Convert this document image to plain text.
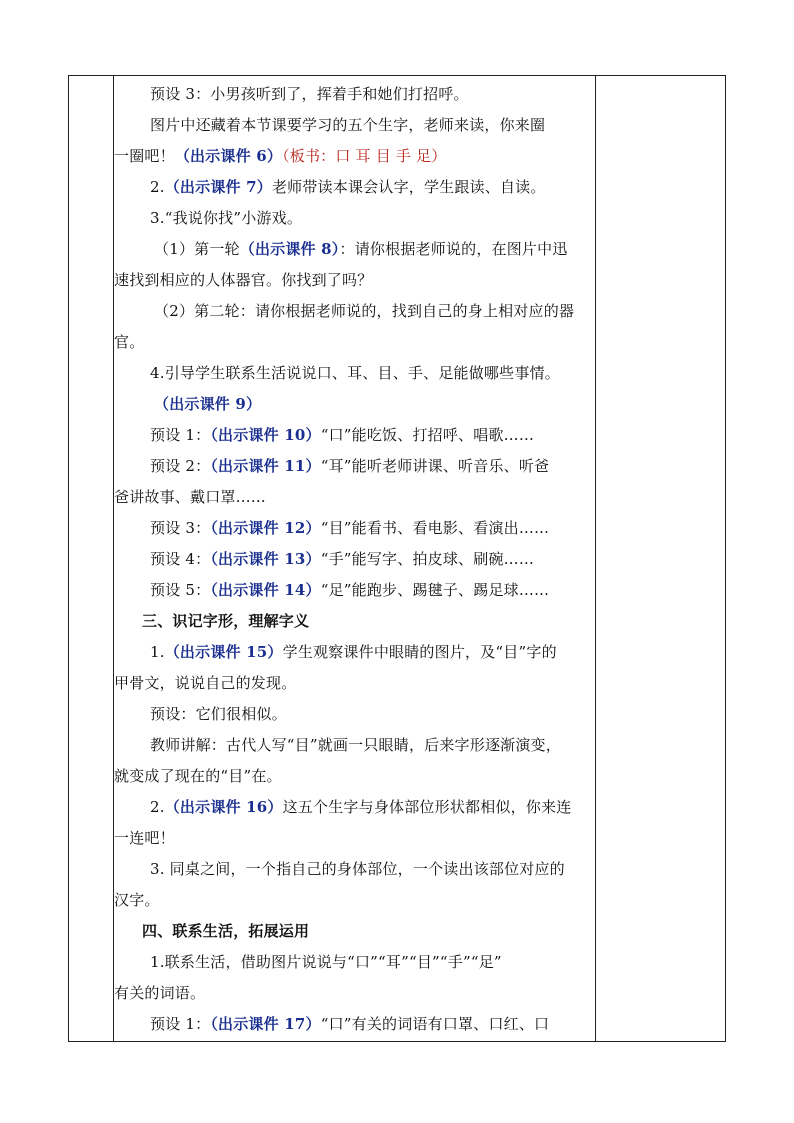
预设 3：小男孩听到了，挥着手和她们打招呼。
图片中还藏着本节课要学习的五个生字，老师来读，你来圈
一圈吧！（出示课件 6）（板书：口 耳 目 手 足）
2.（出示课件 7）老师带读本课会认字，学生跟读、自读。
3.“我说你找”小游戏。
（1）第一轮（出示课件 8）：请你根据老师说的，在图片中迅
速找到相应的人体器官。你找到了吗？
（2）第二轮：请你根据老师说的，找到自己的身上相对应的器
官。
4.引导学生联系生活说说口、耳、目、手、足能做哪些事情。
（出示课件 9）
预设 1：（出示课件 10）“口”能吃饭、打招呼、唱歌……
预设 2：（出示课件 11）“耳”能听老师讲课、听音乐、听爸
爸讲故事、戴口罩……
预设 3：（出示课件 12）“目”能看书、看电影、看演出……
预设 4：（出示课件 13）“手”能写字、拍皮球、刷碗……
预设 5：（出示课件 14）“足”能跑步、踢毽子、踢足球……
三、识记字形，理解字义
1.（出示课件 15）学生观察课件中眼睛的图片，及“目”字的
甲骨文，说说自己的发现。
预设：它们很相似。
教师讲解：古代人写“目”就画一只眼睛，后来字形逐渐演变，
就变成了现在的“目”在。
2.（出示课件 16）这五个生字与身体部位形状都相似，你来连
一连吧！
3. 同桌之间，一个指自己的身体部位，一个读出该部位对应的
汉字。
四、联系生活，拓展运用
1.联系生活，借助图片说说与“口”“耳”“目”“手”“足”
有关的词语。
预设 1：（出示课件 17）“口”有关的词语有口罩、口红、口
